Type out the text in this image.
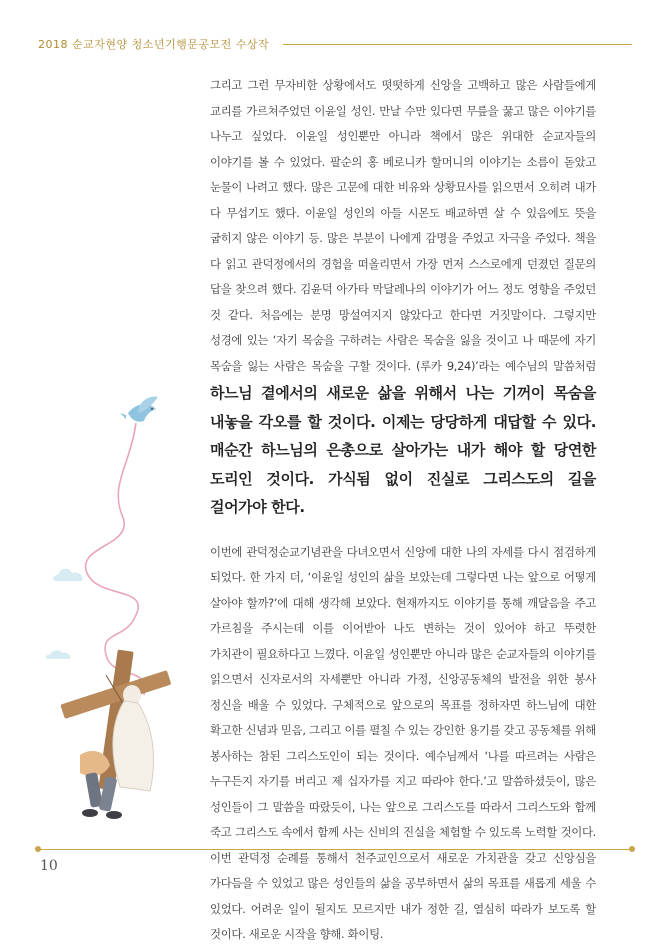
2018 순교자현양 청소년기행문공모전 수상작

그리고 그런 무자비한 상황에서도 떳떳하게 신앙을 고백하고 많은 사람들에게 교리를 가르쳐주었던 이윤일 성인. 만날 수만 있다면 무릎을 꿇고 많은 이야기를 나누고 싶었다. 이윤일 성인뿐만 아니라 책에서 많은 위대한 순교자들의 이야기를 볼 수 있었다. 팔순의 홍 베로니카 할머니의 이야기는 소름이 돋았고 눈물이 나려고 했다. 많은 고문에 대한 비유와 상황묘사를 읽으면서 오히려 내가 다 무섭기도 했다. 이윤일 성인의 아들 시몬도 배교하면 살 수 있음에도 뜻을 굽히지 않은 이야기 등. 많은 부분이 나에게 감명을 주었고 자극을 주었다. 책을 다 읽고 관덕정에서의 경험을 떠올리면서 가장 먼저 스스로에게 던졌던 질문의 답을 찾으려 했다. 김윤덕 아가타 막달레나의 이야기가 어느 정도 영향을 주었던 것 같다. 처음에는 분명 망설여지지 않았다고 한다면 거짓말이다. 그렇지만 성경에 있는 ‘자기 목숨을 구하려는 사람은 목숨을 잃을 것이고 나 때문에 자기 목숨을 잃는 사람은 목숨을 구할 것이다. (루카 9,24)’라는 예수님의 말씀처럼 하느님 곁에서의 새로운 삶을 위해서 나는 기꺼이 목숨을 내놓을 각오를 할 것이다. 이제는 당당하게 대답할 수 있다. 매순간 하느님의 은총으로 살아가는 내가 해야 할 당연한 도리인 것이다. 가식됨 없이 진실로 그리스도의 길을 걸어가야 한다.

이번에 관덕정순교기념관을 다녀오면서 신앙에 대한 나의 자세를 다시 점검하게 되었다. 한 가지 더, ‘이윤일 성인의 삶을 보았는데 그렇다면 나는 앞으로 어떻게 살아야 할까?’에 대해 생각해 보았다. 현재까지도 이야기를 통해 깨달음을 주고 가르침을 주시는데 이를 이어받아 나도 변하는 것이 있어야 하고 뚜렷한 가치관이 필요하다고 느꼈다. 이윤일 성인뿐만 아니라 많은 순교자들의 이야기를 읽으면서 신자로서의 자세뿐만 아니라 가정, 신앙공동체의 발전을 위한 봉사 정신을 배울 수 있었다. 구체적으로 앞으로의 목표를 정하자면 하느님에 대한 확고한 신념과 믿음, 그리고 이를 펼칠 수 있는 강인한 용기를 갖고 공동체를 위해 봉사하는 참된 그리스도인이 되는 것이다. 예수님께서 ‘나를 따르려는 사람은 누구든지 자기를 버리고 제 십자가를 지고 따라야 한다.’고 말씀하셨듯이, 많은 성인들이 그 말씀을 따랐듯이, 나는 앞으로 그리스도를 따라서 그리스도와 함께 죽고 그리스도 속에서 함께 사는 신비의 진실을 체험할 수 있도록 노력할 것이다. 이번 관덕정 순례를 통해서 천주교인으로서 새로운 가치관을 갖고 신앙심을 가다듬을 수 있었고 많은 성인들의 삶을 공부하면서 삶의 목표를 새롭게 세울 수 있었다. 어려운 일이 될지도 모르지만 내가 정한 길, 열심히 따라가 보도록 할 것이다. 새로운 시작을 향해. 화이팅.

10
